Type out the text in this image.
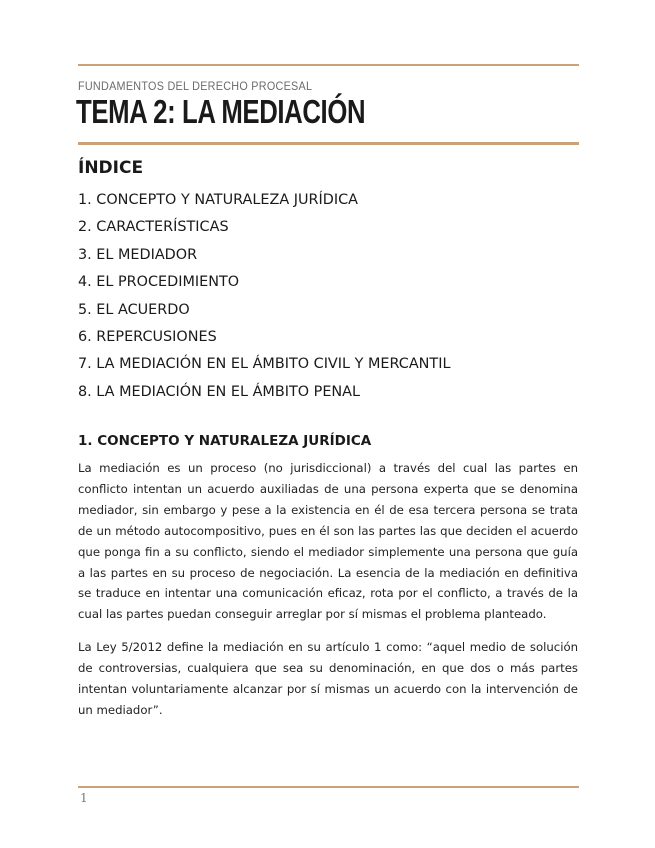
FUNDAMENTOS DEL DERECHO PROCESAL
TEMA 2: LA MEDIACIÓN
ÍNDICE
1. CONCEPTO Y NATURALEZA JURÍDICA
2. CARACTERÍSTICAS
3. EL MEDIADOR
4. EL PROCEDIMIENTO
5. EL ACUERDO
6. REPERCUSIONES
7. LA MEDIACIÓN EN EL ÁMBITO CIVIL Y MERCANTIL
8. LA MEDIACIÓN EN EL ÁMBITO PENAL
1. CONCEPTO Y NATURALEZA JURÍDICA

La mediación es un proceso (no jurisdiccional) a través del cual las partes en conflicto intentan un acuerdo auxiliadas de una persona experta que se denomina mediador, sin embargo y pese a la existencia en él de esa tercera persona se trata de un método autocompositivo, pues en él son las partes las que deciden el acuerdo que ponga fin a su conflicto, siendo el mediador simplemente una persona que guía a las partes en su proceso de negociación. La esencia de la mediación en definitiva se traduce en intentar una comunicación eficaz, rota por el conflicto, a través de la cual las partes puedan conseguir arreglar por sí mismas el problema planteado.

La Ley 5/2012 define la mediación en su artículo 1 como: “aquel medio de solución de controversias, cualquiera que sea su denominación, en que dos o más partes intentan voluntariamente alcanzar por sí mismas un acuerdo con la intervención de un mediador”.

1
